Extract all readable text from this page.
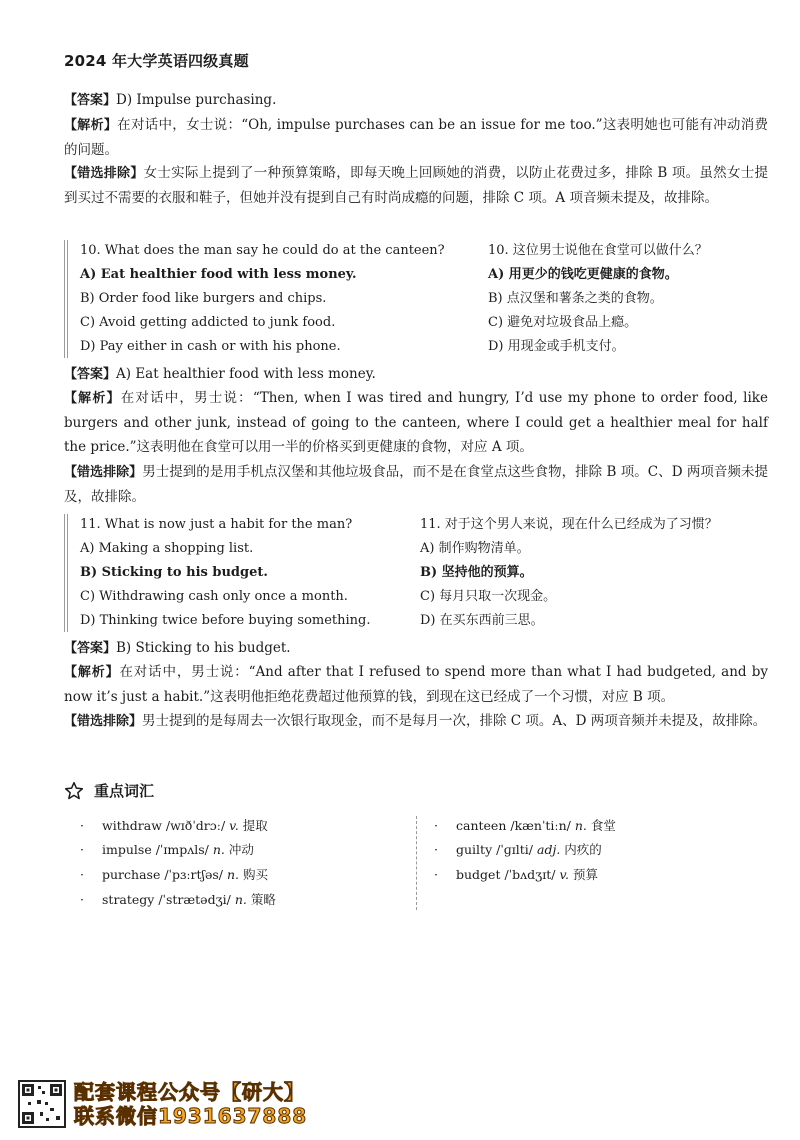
2024 年大学英语四级真题
【答案】D) Impulse purchasing.
【解析】在对话中，女士说：“Oh, impulse purchases can be an issue for me too.”这表明她也可能有冲动消费的问题。
【错选排除】女士实际上提到了一种预算策略，即每天晚上回顾她的消费，以防止花费过多，排除 B 项。虽然女士提到买过不需要的衣服和鞋子，但她并没有提到自己有时尚成瘾的问题，排除 C 项。A 项音频未提及，故排除。
10. What does the man say he could do at the canteen?
A) Eat healthier food with less money.
B) Order food like burgers and chips.
C) Avoid getting addicted to junk food.
D) Pay either in cash or with his phone.
10. 这位男士说他在食堂可以做什么？
A) 用更少的钱吃更健康的食物。
B) 点汉堡和薯条之类的食物。
C) 避免对垃圾食品上瘾。
D) 用现金或手机支付。
【答案】A) Eat healthier food with less money.
【解析】在对话中，男士说：“Then, when I was tired and hungry, I’d use my phone to order food, like burgers and other junk, instead of going to the canteen, where I could get a healthier meal for half the price.”这表明他在食堂可以用一半的价格买到更健康的食物，对应 A 项。
【错选排除】男士提到的是用手机点汉堡和其他垃圾食品，而不是在食堂点这些食物，排除 B 项。C、D 两项音频未提及，故排除。
11. What is now just a habit for the man?
A) Making a shopping list.
B) Sticking to his budget.
C) Withdrawing cash only once a month.
D) Thinking twice before buying something.
11. 对于这个男人来说，现在什么已经成为了习惯？
A) 制作购物清单。
B) 坚持他的预算。
C) 每月只取一次现金。
D) 在买东西前三思。
【答案】B) Sticking to his budget.
【解析】在对话中，男士说：“And after that I refused to spend more than what I had budgeted, and by now it’s just a habit.”这表明他拒绝花费超过他预算的钱，到现在这已经成了一个习惯，对应 B 项。
【错选排除】男士提到的是每周去一次银行取现金，而不是每月一次，排除 C 项。A、D 两项音频并未提及，故排除。
重点词汇
· withdraw /wɪðˈdrɔː/ v. 提取
· impulse /ˈɪmpʌls/ n. 冲动
· purchase /ˈpɜːrtʃəs/ n. 购买
· strategy /ˈstrætədʒi/ n. 策略
· canteen /kænˈtiːn/ n. 食堂
· guilty /ˈɡɪlti/ adj. 内疚的
· budget /ˈbʌdʒɪt/ v. 预算
配套课程公众号【研大】
联系微信1931637888
